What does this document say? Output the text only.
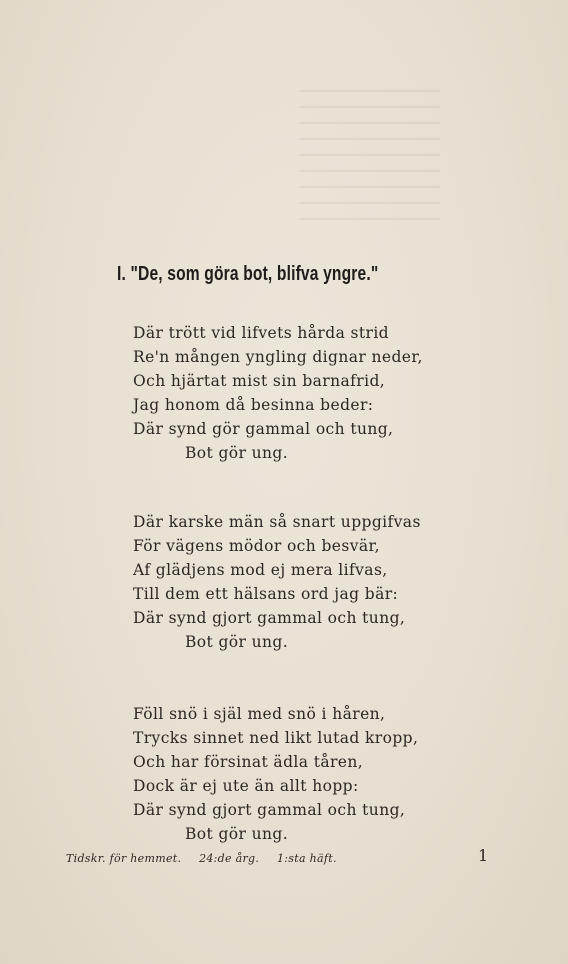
I. "De, som göra bot, blifva yngre."
Där trött vid lifvets hårda strid
Re'n mången yngling dignar neder,
Och hjärtat mist sin barnafrid,
Jag honom då besinna beder:
Där synd gör gammal och tung,
Bot gör ung.
Där karske män så snart uppgifvas
För vägens mödor och besvär,
Af glädjens mod ej mera lifvas,
Till dem ett hälsans ord jag bär:
Där synd gjort gammal och tung,
Bot gör ung.
Föll snö i själ med snö i håren,
Trycks sinnet ned likt lutad kropp,
Och har försinat ädla tåren,
Dock är ej ute än allt hopp:
Där synd gjort gammal och tung,
Bot gör ung.
Tidskr. för hemmet. 24:de årg. 1:sta häft.	1
